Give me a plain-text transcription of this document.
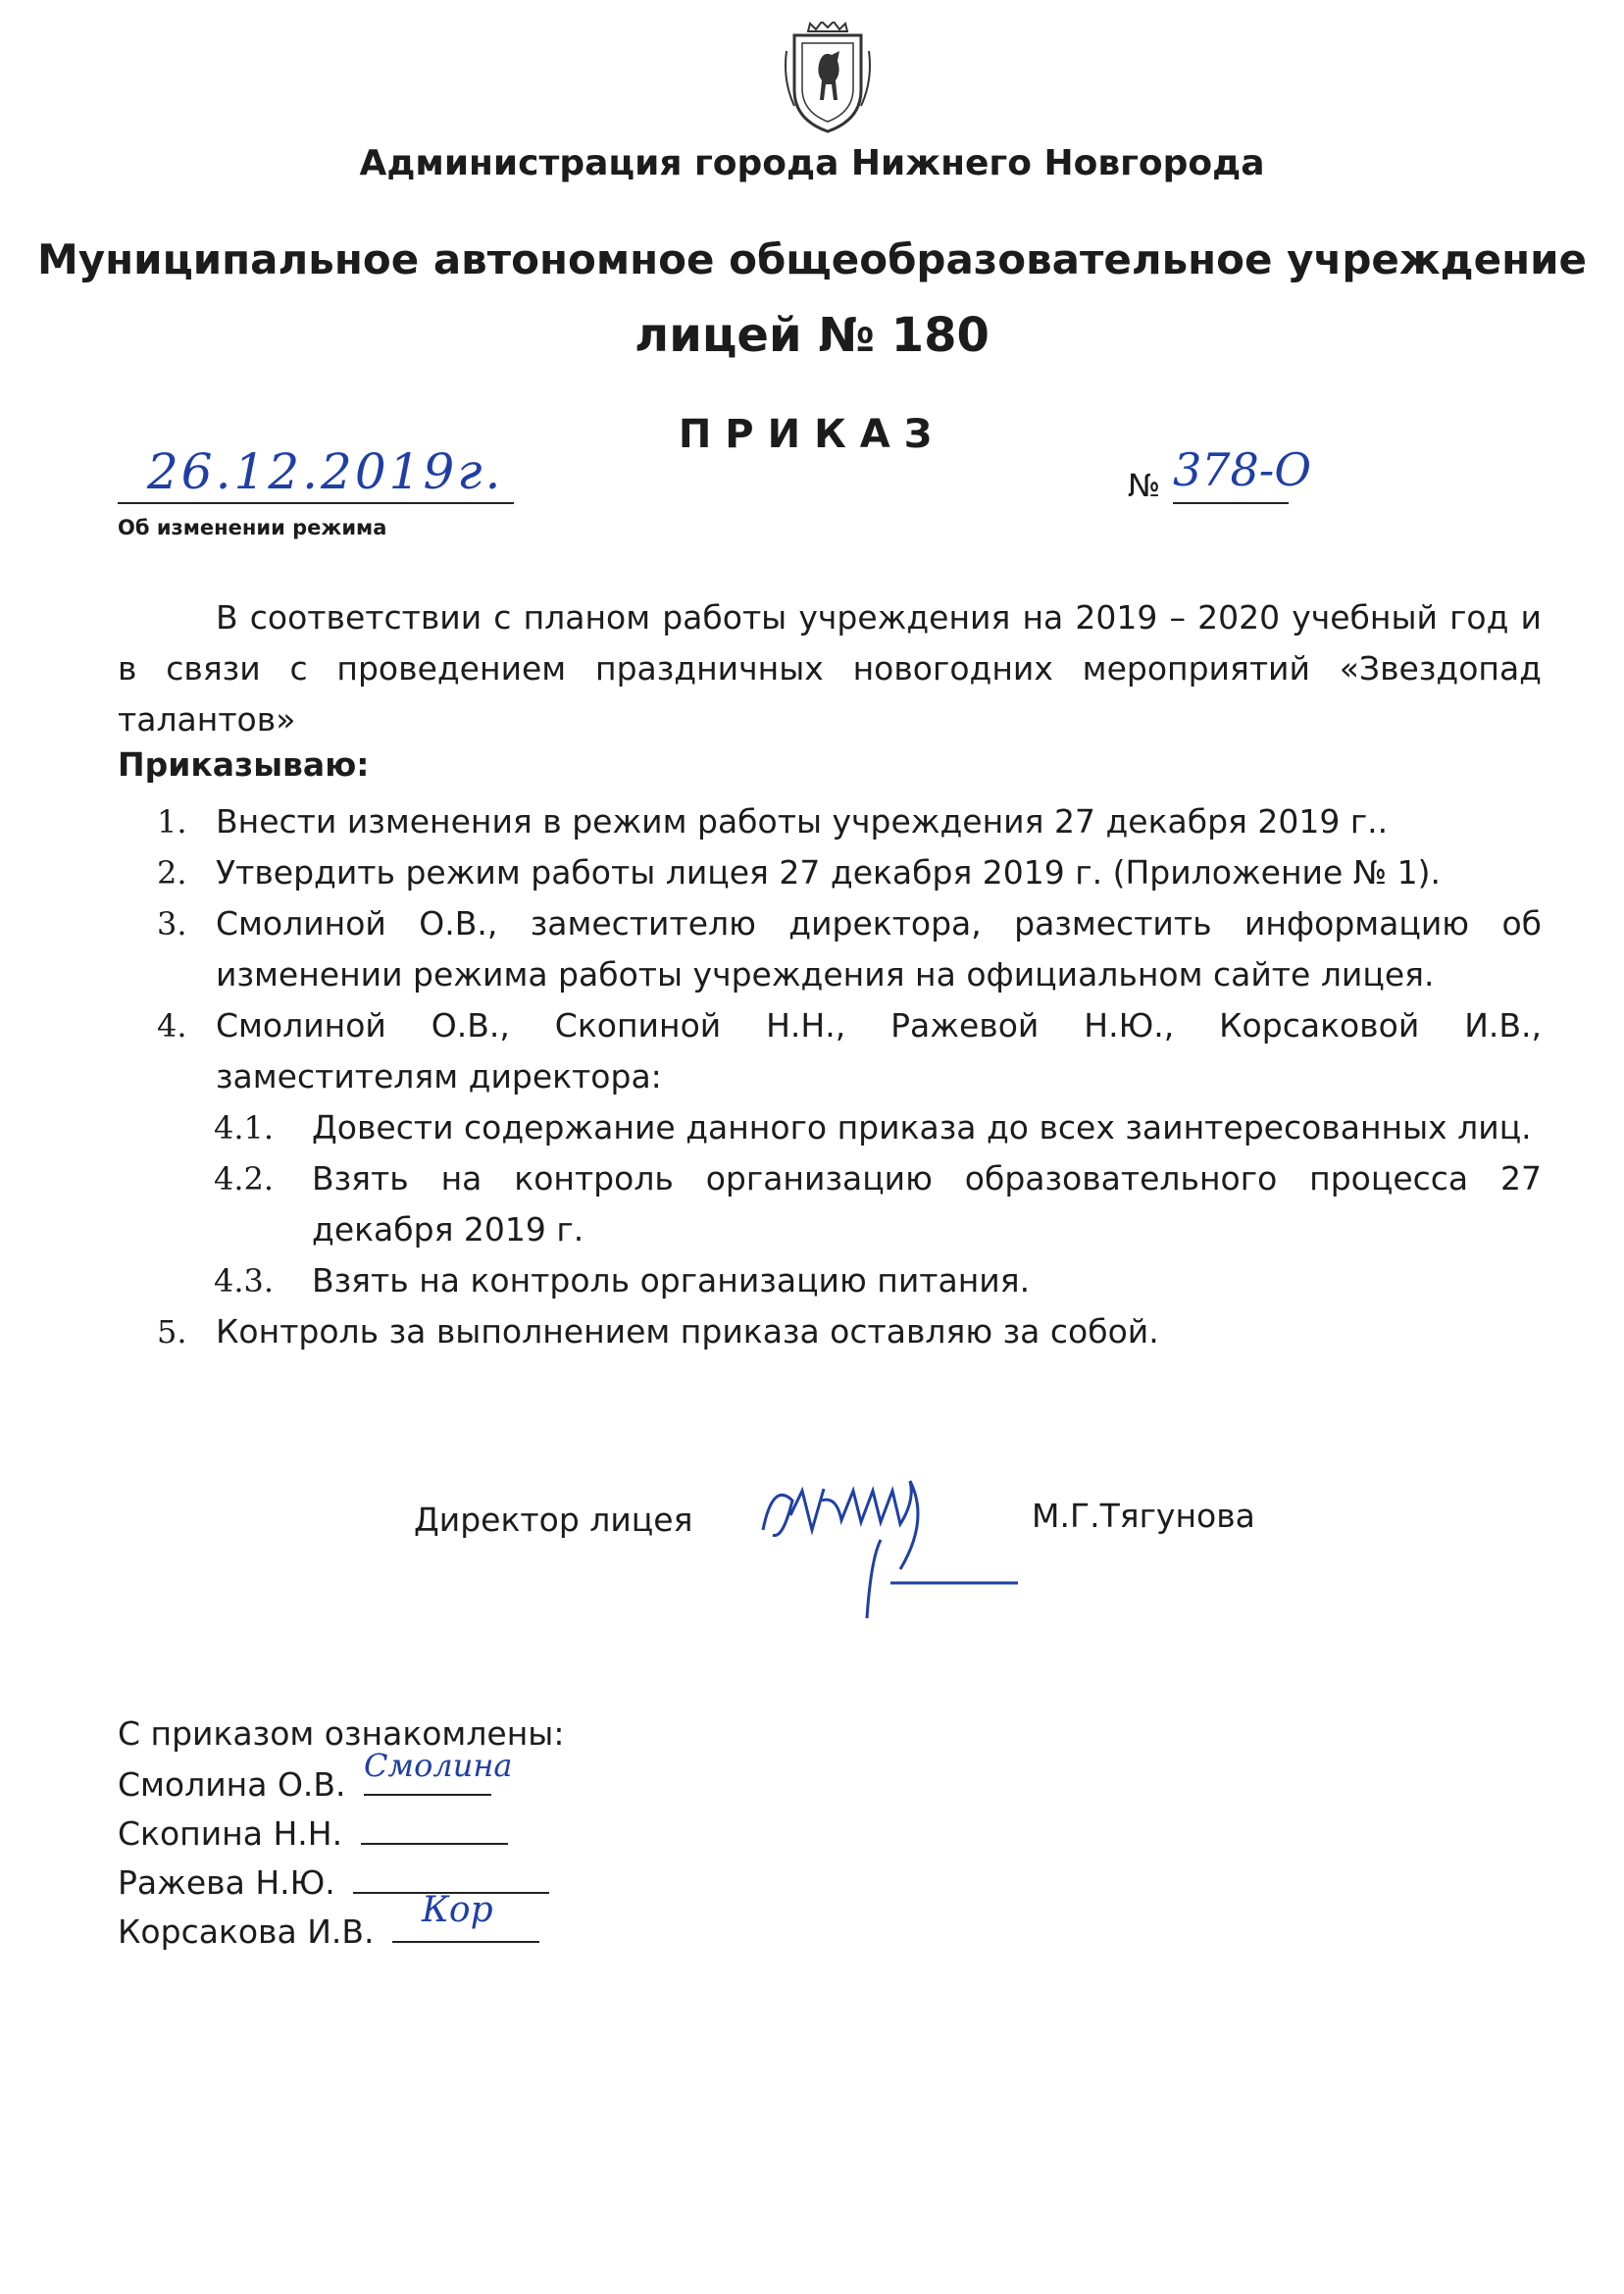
Администрация города Нижнего Новгорода
Муниципальное автономное общеобразовательное учреждение
лицей № 180
ПРИКАЗ
26.12.2019г.	№ 378-О
Об изменении режима
В соответствии с планом работы учреждения на 2019 – 2020 учебный год и в связи с проведением праздничных новогодних мероприятий «Звездопад талантов»
Приказываю:
1. Внести изменения в режим работы учреждения 27 декабря 2019 г..
2. Утвердить режим работы лицея 27 декабря 2019 г. (Приложение № 1).
3. Смолиной О.В., заместителю директора, разместить информацию об изменении режима работы учреждения на официальном сайте лицея.
4. Смолиной О.В., Скопиной Н.Н., Ражевой Н.Ю., Корсаковой И.В., заместителям директора:
4.1. Довести содержание данного приказа до всех заинтересованных лиц.
4.2. Взять на контроль организацию образовательного процесса 27 декабря 2019 г.
4.3. Взять на контроль организацию питания.
5. Контроль за выполнением приказа оставляю за собой.
Директор лицея	М.Г.Тягунова
С приказом ознакомлены:
Смолина О.В. Смолина
Скопина Н.Н.
Ражева Н.Ю.
Корсакова И.В.
Кор
